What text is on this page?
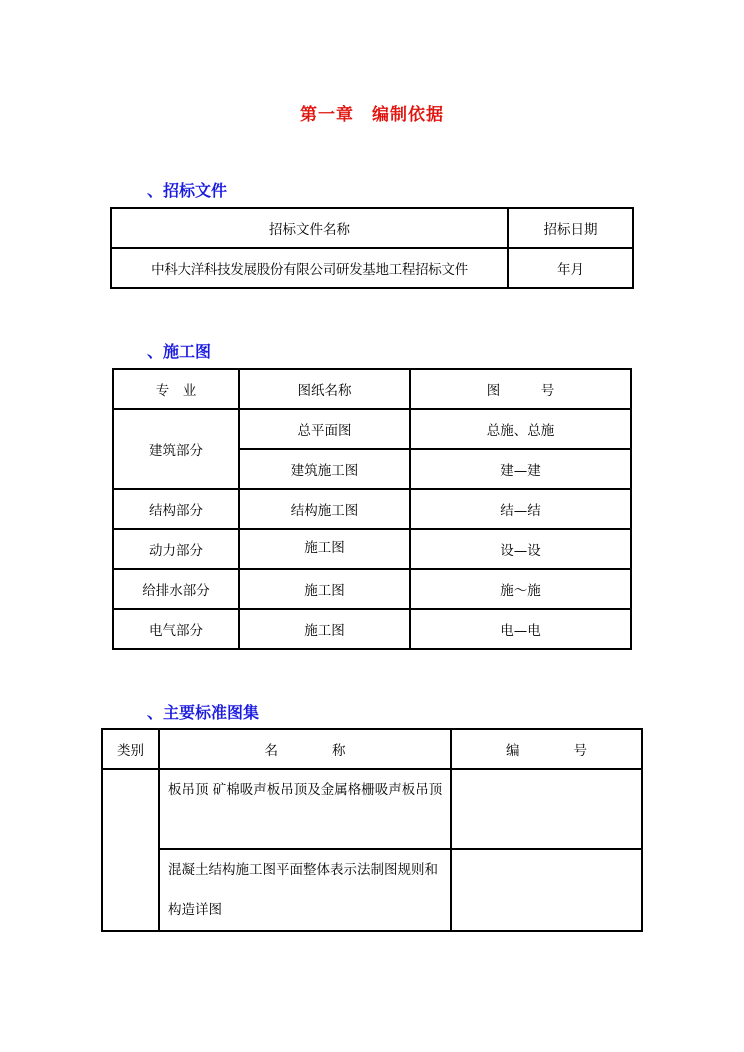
第一章　编制依据
、招标文件
招标文件名称	招标日期
中科大洋科技发展股份有限公司研发基地工程招标文件	年月
、施工图
专　业	图纸名称	图　　　号
建筑部分	总平面图	总施、总施
	建筑施工图	建—建
结构部分	结构施工图	结—结
动力部分	施工图	设—设
给排水部分	施工图	施～施
电气部分	施工图	电—电
、主要标准图集
类别	名　　　　称	编　　　　号
	板吊顶 矿棉吸声板吊顶及金属格栅吸声板吊顶	
	混凝土结构施工图平面整体表示法制图规则和构造详图	
